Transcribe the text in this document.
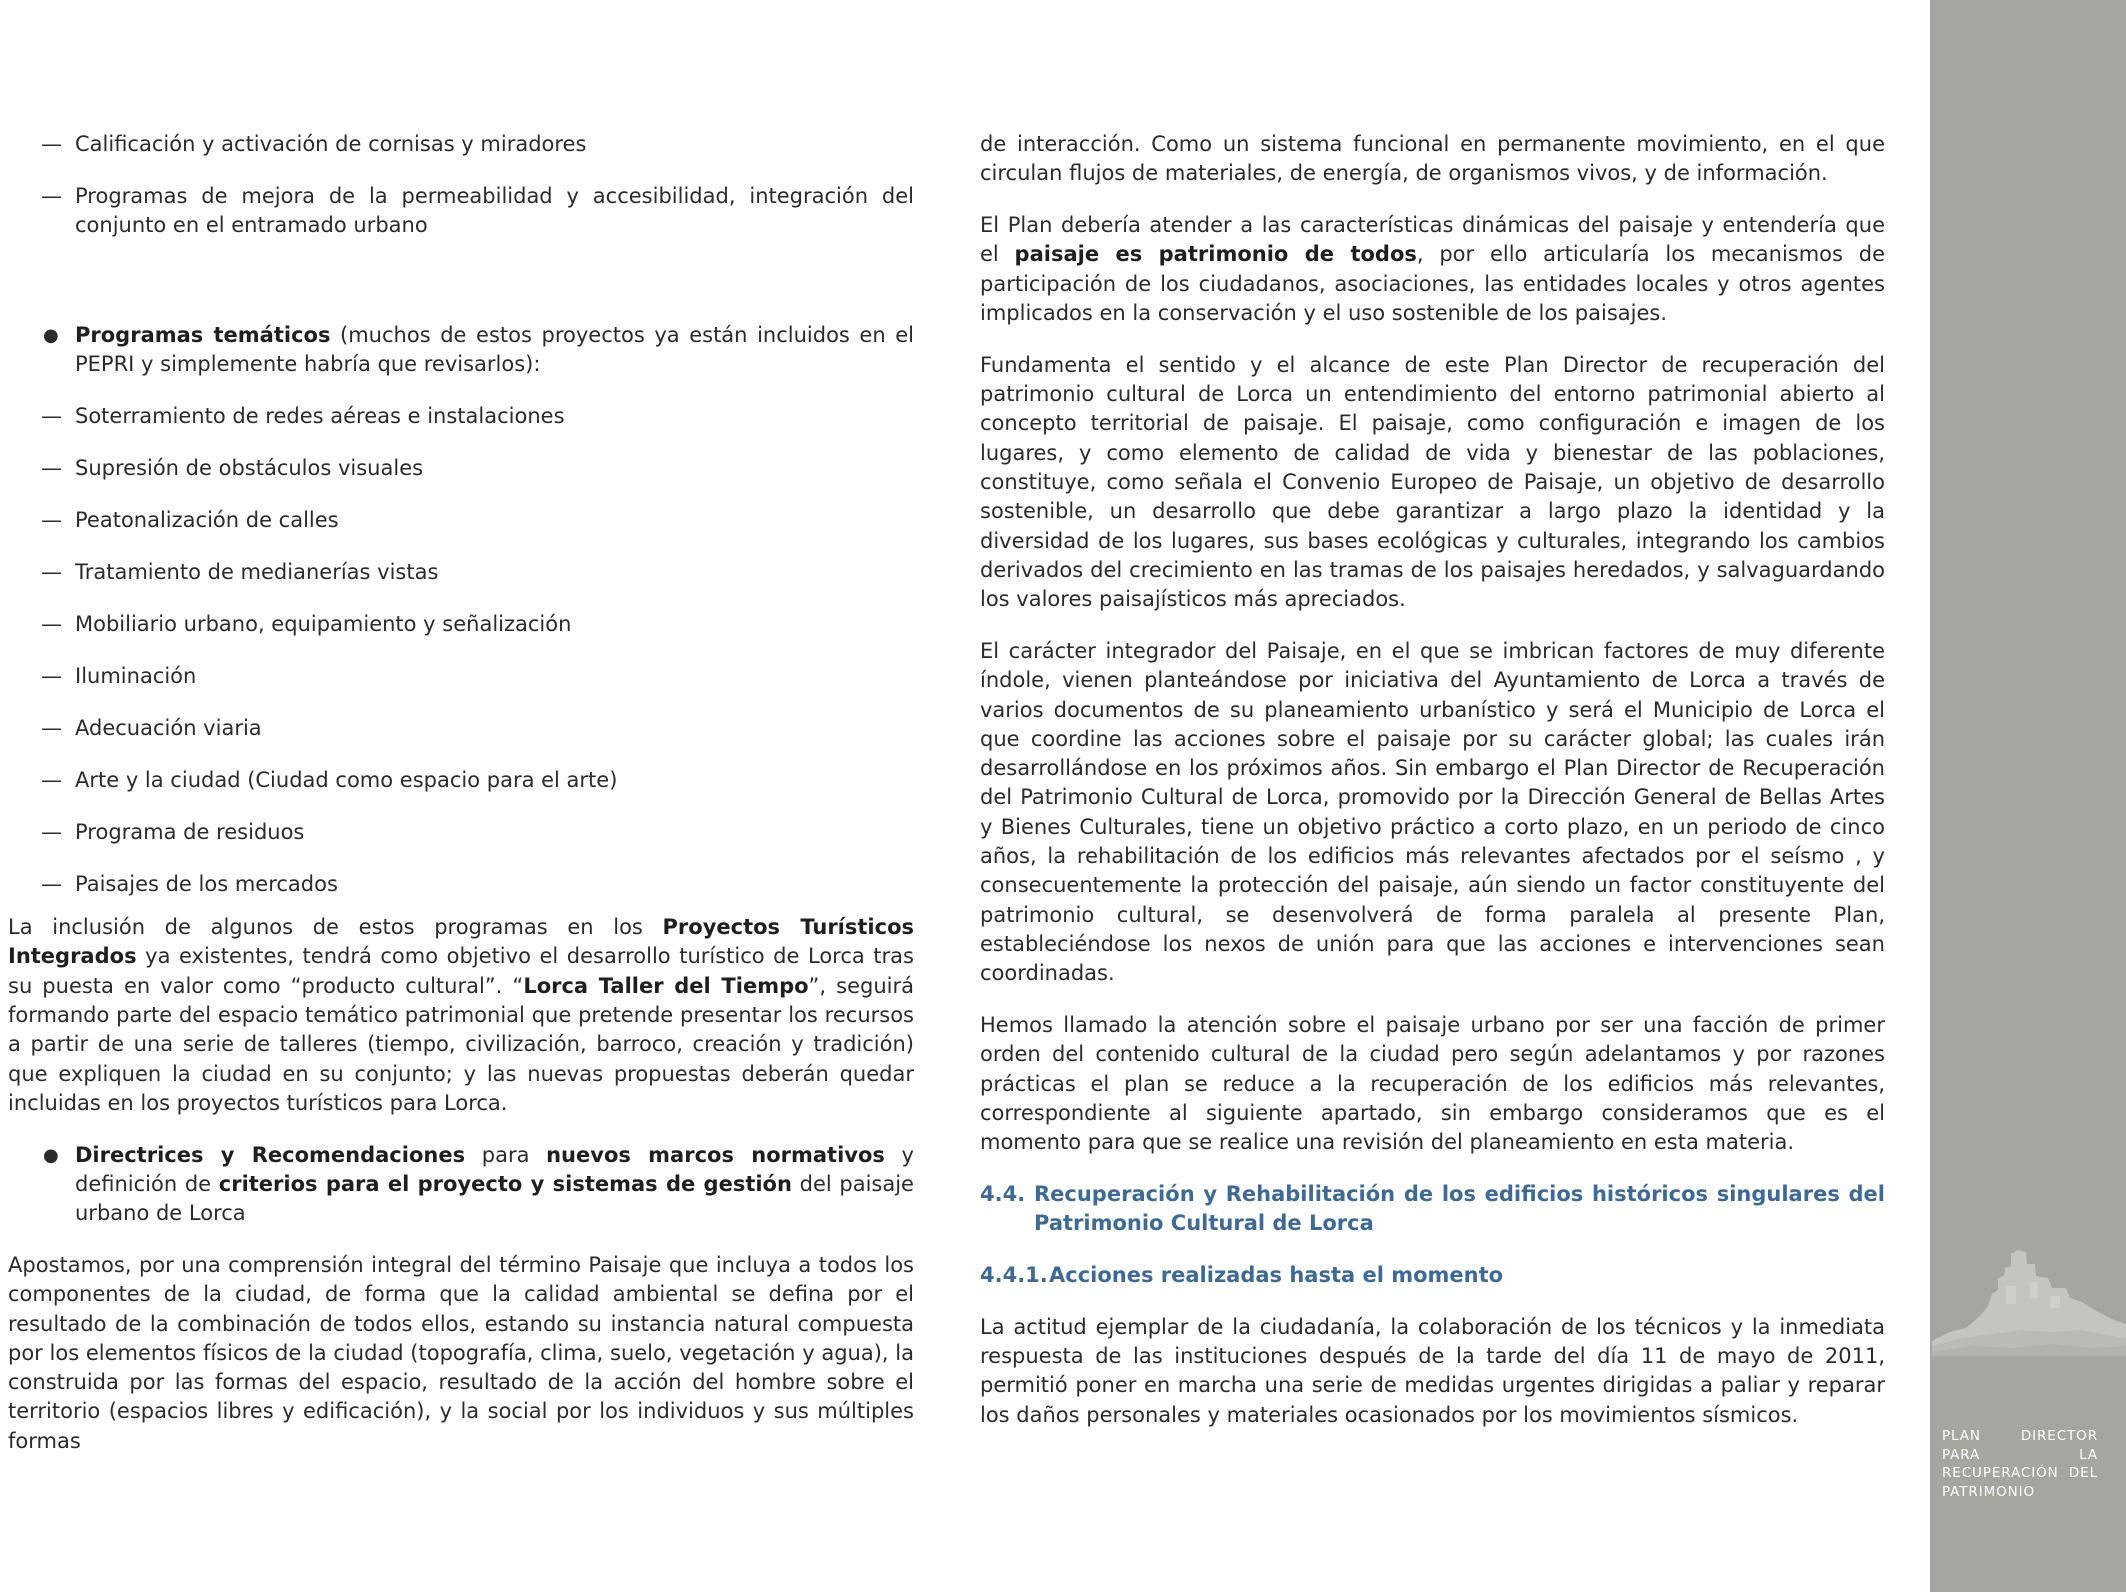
— Calificación y activación de cornisas y miradores
— Programas de mejora de la permeabilidad y accesibilidad, integración del conjunto en el entramado urbano
● Programas temáticos (muchos de estos proyectos ya están incluidos en el PEPRI y simplemente habría que revisarlos):
— Soterramiento de redes aéreas e instalaciones
— Supresión de obstáculos visuales
— Peatonalización de calles
— Tratamiento de medianerías vistas
— Mobiliario urbano, equipamiento y señalización
— Iluminación
— Adecuación viaria
— Arte y la ciudad (Ciudad como espacio para el arte)
— Programa de residuos
— Paisajes de los mercados

La inclusión de algunos de estos programas en los Proyectos Turísticos Integrados ya existentes, tendrá como objetivo el desarrollo turístico de Lorca tras su puesta en valor como “producto cultural”. “Lorca Taller del Tiempo”, seguirá formando parte del espacio temático patrimonial que pretende presentar los recursos a partir de una serie de talleres (tiempo, civilización, barroco, creación y tradición) que expliquen la ciudad en su conjunto; y las nuevas propuestas deberán quedar incluidas en los proyectos turísticos para Lorca.

● Directrices y Recomendaciones para nuevos marcos normativos y definición de criterios para el proyecto y sistemas de gestión del paisaje urbano de Lorca

Apostamos, por una comprensión integral del término Paisaje que incluya a todos los componentes de la ciudad, de forma que la calidad ambiental se defina por el resultado de la combinación de todos ellos, estando su instancia natural compuesta por los elementos físicos de la ciudad (topografía, clima, suelo, vegetación y agua), la construida por las formas del espacio, resultado de la acción del hombre sobre el territorio (espacios libres y edificación), y la social por los individuos y sus múltiples formas

de interacción. Como un sistema funcional en permanente movimiento, en el que circulan flujos de materiales, de energía, de organismos vivos, y de información.

El Plan debería atender a las características dinámicas del paisaje y entendería que el paisaje es patrimonio de todos, por ello articularía los mecanismos de participación de los ciudadanos, asociaciones, las entidades locales y otros agentes implicados en la conservación y el uso sostenible de los paisajes.

Fundamenta el sentido y el alcance de este Plan Director de recuperación del patrimonio cultural de Lorca un entendimiento del entorno patrimonial abierto al concepto territorial de paisaje. El paisaje, como configuración e imagen de los lugares, y como elemento de calidad de vida y bienestar de las poblaciones, constituye, como señala el Convenio Europeo de Paisaje, un objetivo de desarrollo sostenible, un desarrollo que debe garantizar a largo plazo la identidad y la diversidad de los lugares, sus bases ecológicas y culturales, integrando los cambios derivados del crecimiento en las tramas de los paisajes heredados, y salvaguardando los valores paisajísticos más apreciados.

El carácter integrador del Paisaje, en el que se imbrican factores de muy diferente índole, vienen planteándose por iniciativa del Ayuntamiento de Lorca a través de varios documentos de su planeamiento urbanístico y será el Municipio de Lorca el que coordine las acciones sobre el paisaje por su carácter global; las cuales irán desarrollándose en los próximos años. Sin embargo el Plan Director de Recuperación del Patrimonio Cultural de Lorca, promovido por la Dirección General de Bellas Artes y Bienes Culturales, tiene un objetivo práctico a corto plazo, en un periodo de cinco años, la rehabilitación de los edificios más relevantes afectados por el seísmo , y consecuentemente la protección del paisaje, aún siendo un factor constituyente del patrimonio cultural, se desenvolverá de forma paralela al presente Plan, estableciéndose los nexos de unión para que las acciones e intervenciones sean coordinadas.

Hemos llamado la atención sobre el paisaje urbano por ser una facción de primer orden del contenido cultural de la ciudad pero según adelantamos y por razones prácticas el plan se reduce a la recuperación de los edificios más relevantes, correspondiente al siguiente apartado, sin embargo consideramos que es el momento para que se realice una revisión del planeamiento en esta materia.

4.4. Recuperación y Rehabilitación de los edificios históricos singulares del Patrimonio Cultural de Lorca
4.4.1. Acciones realizadas hasta el momento

La actitud ejemplar de la ciudadanía, la colaboración de los técnicos y la inmediata respuesta de las instituciones después de la tarde del día 11 de mayo de 2011, permitió poner en marcha una serie de medidas urgentes dirigidas a paliar y reparar los daños personales y materiales ocasionados por los movimientos sísmicos.

PLAN	DIRECTOR
PARA	LA
RECUPERACIÓN DEL
PATRIMONIO
